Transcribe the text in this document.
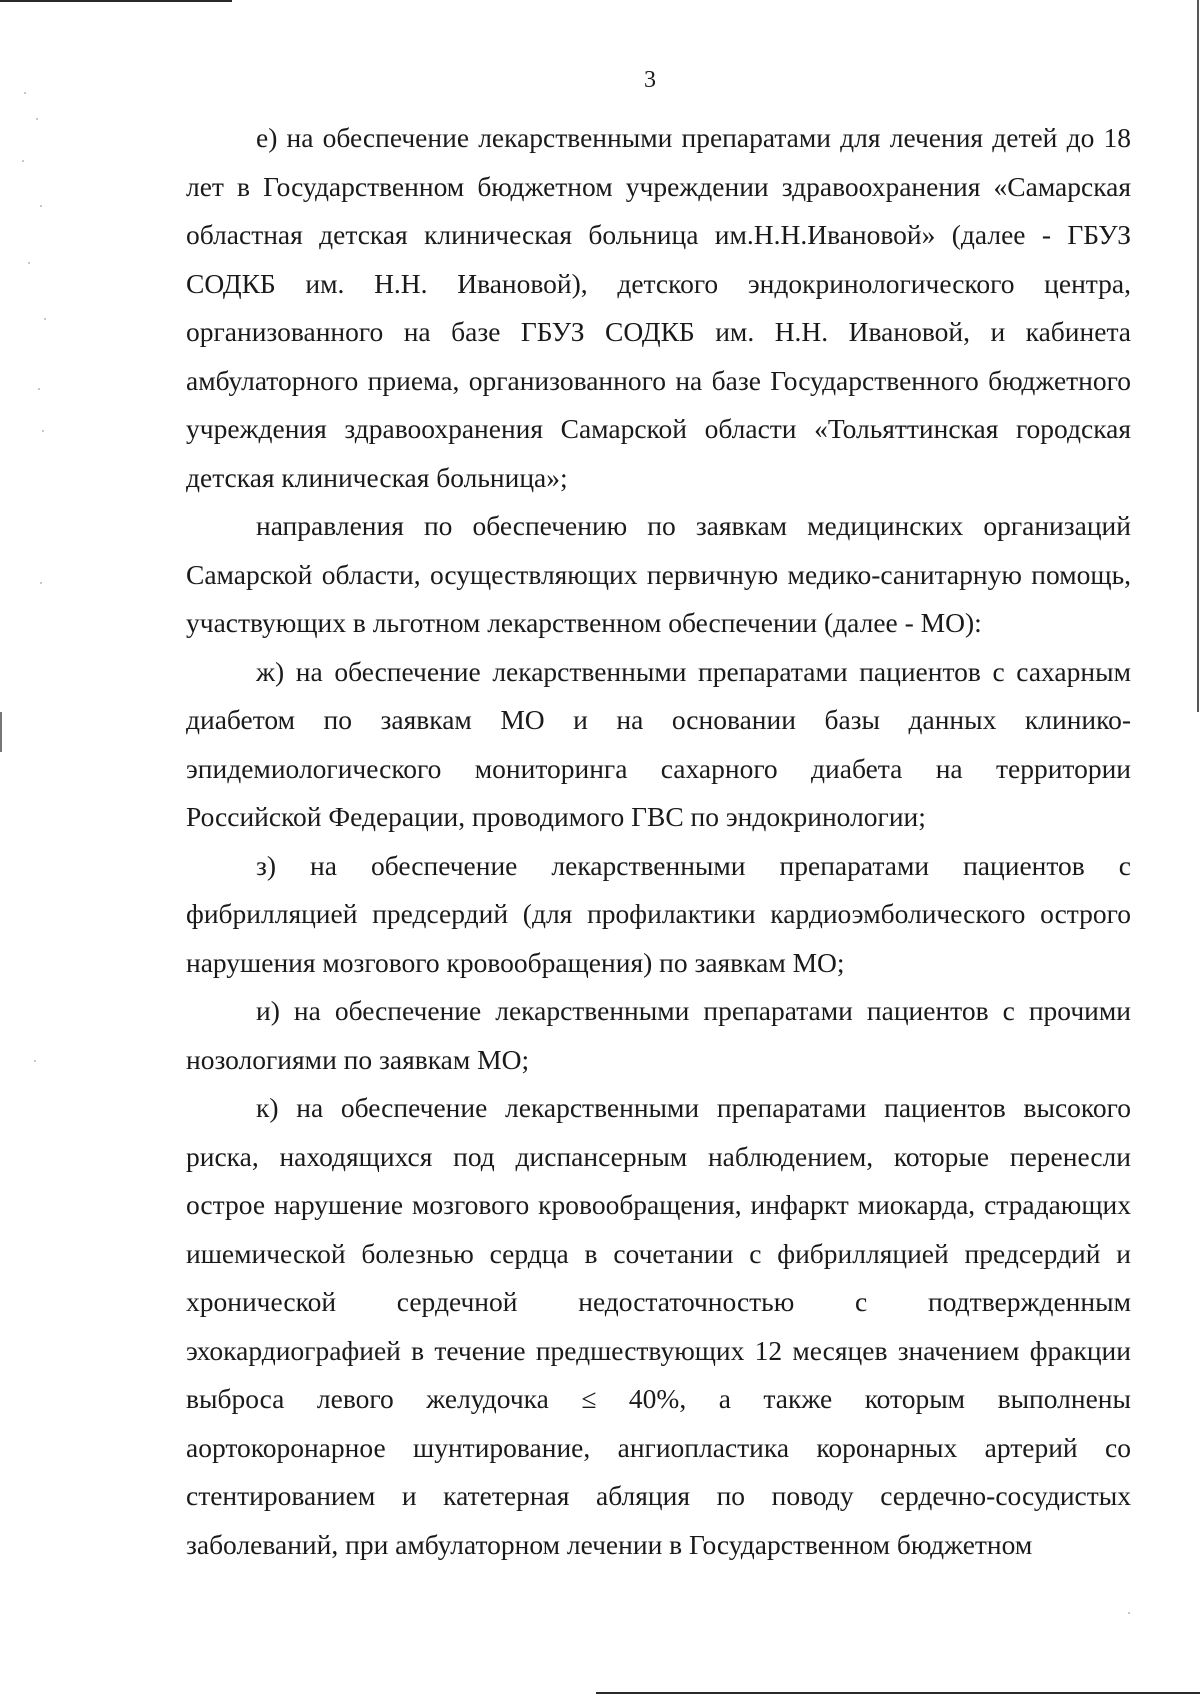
3

е) на обеспечение лекарственными препаратами для лечения детей до 18 лет в Государственном бюджетном учреждении здравоохранения «Самарская областная детская клиническая больница им.Н.Н.Ивановой» (далее - ГБУЗ СОДКБ им. Н.Н. Ивановой), детского эндокринологического центра, организованного на базе ГБУЗ СОДКБ им. Н.Н. Ивановой, и кабинета амбулаторного приема, организованного на базе Государственного бюджетного учреждения здравоохранения Самарской области «Тольяттинская городская детская клиническая больница»;

направления по обеспечению по заявкам медицинских организаций Самарской области, осуществляющих первичную медико-санитарную помощь, участвующих в льготном лекарственном обеспечении (далее - МО):

ж) на обеспечение лекарственными препаратами пациентов с сахарным диабетом по заявкам МО и на основании базы данных клинико-эпидемиологического мониторинга сахарного диабета на территории Российской Федерации, проводимого ГВС по эндокринологии;

з) на обеспечение лекарственными препаратами пациентов с фибрилляцией предсердий (для профилактики кардиоэмболического острого нарушения мозгового кровообращения) по заявкам МО;

и) на обеспечение лекарственными препаратами пациентов с прочими нозологиями по заявкам МО;

к) на обеспечение лекарственными препаратами пациентов высокого риска, находящихся под диспансерным наблюдением, которые перенесли острое нарушение мозгового кровообращения, инфаркт миокарда, страдающих ишемической болезнью сердца в сочетании с фибрилляцией предсердий и хронической сердечной недостаточностью с подтвержденным эхокардиографией в течение предшествующих 12 месяцев значением фракции выброса левого желудочка ≤ 40%, а также которым выполнены аортокоронарное шунтирование, ангиопластика коронарных артерий со стентированием и катетерная абляция по поводу сердечно-сосудистых заболеваний, при амбулаторном лечении в Государственном бюджетном
